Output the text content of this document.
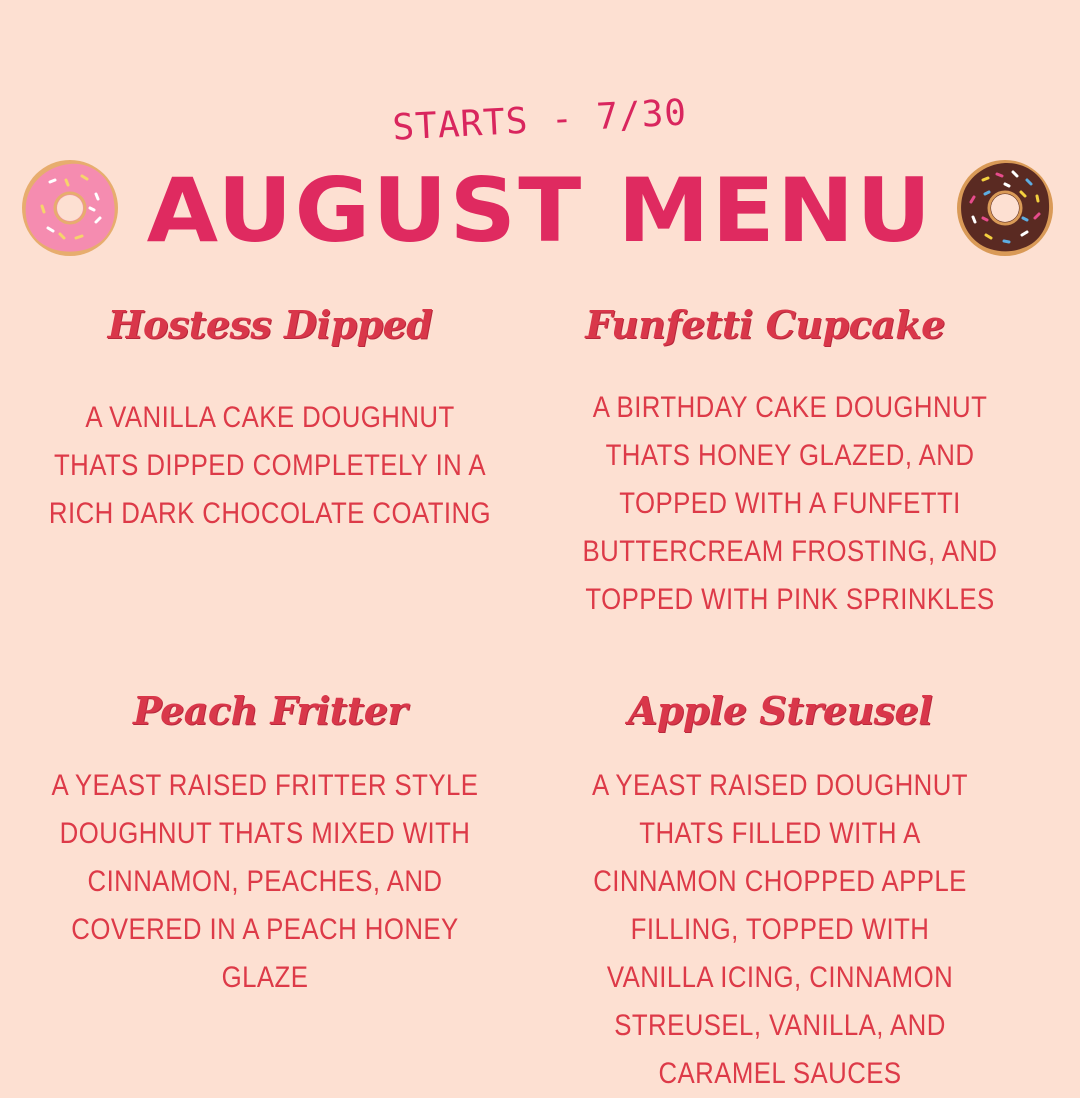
STARTS - 7/30
AUGUST MENU
Hostess Dipped
A VANILLA CAKE DOUGHNUT THATS DIPPED COMPLETELY IN A RICH DARK CHOCOLATE COATING
Funfetti Cupcake
A BIRTHDAY CAKE DOUGHNUT THATS HONEY GLAZED, AND TOPPED WITH A FUNFETTI BUTTERCREAM FROSTING, AND TOPPED WITH PINK SPRINKLES
Peach Fritter
A YEAST RAISED FRITTER STYLE DOUGHNUT THATS MIXED WITH CINNAMON, PEACHES, AND COVERED IN A PEACH HONEY GLAZE
Apple Streusel
A YEAST RAISED DOUGHNUT THATS FILLED WITH A CINNAMON CHOPPED APPLE FILLING, TOPPED WITH VANILLA ICING, CINNAMON STREUSEL, VANILLA, AND CARAMEL SAUCES
